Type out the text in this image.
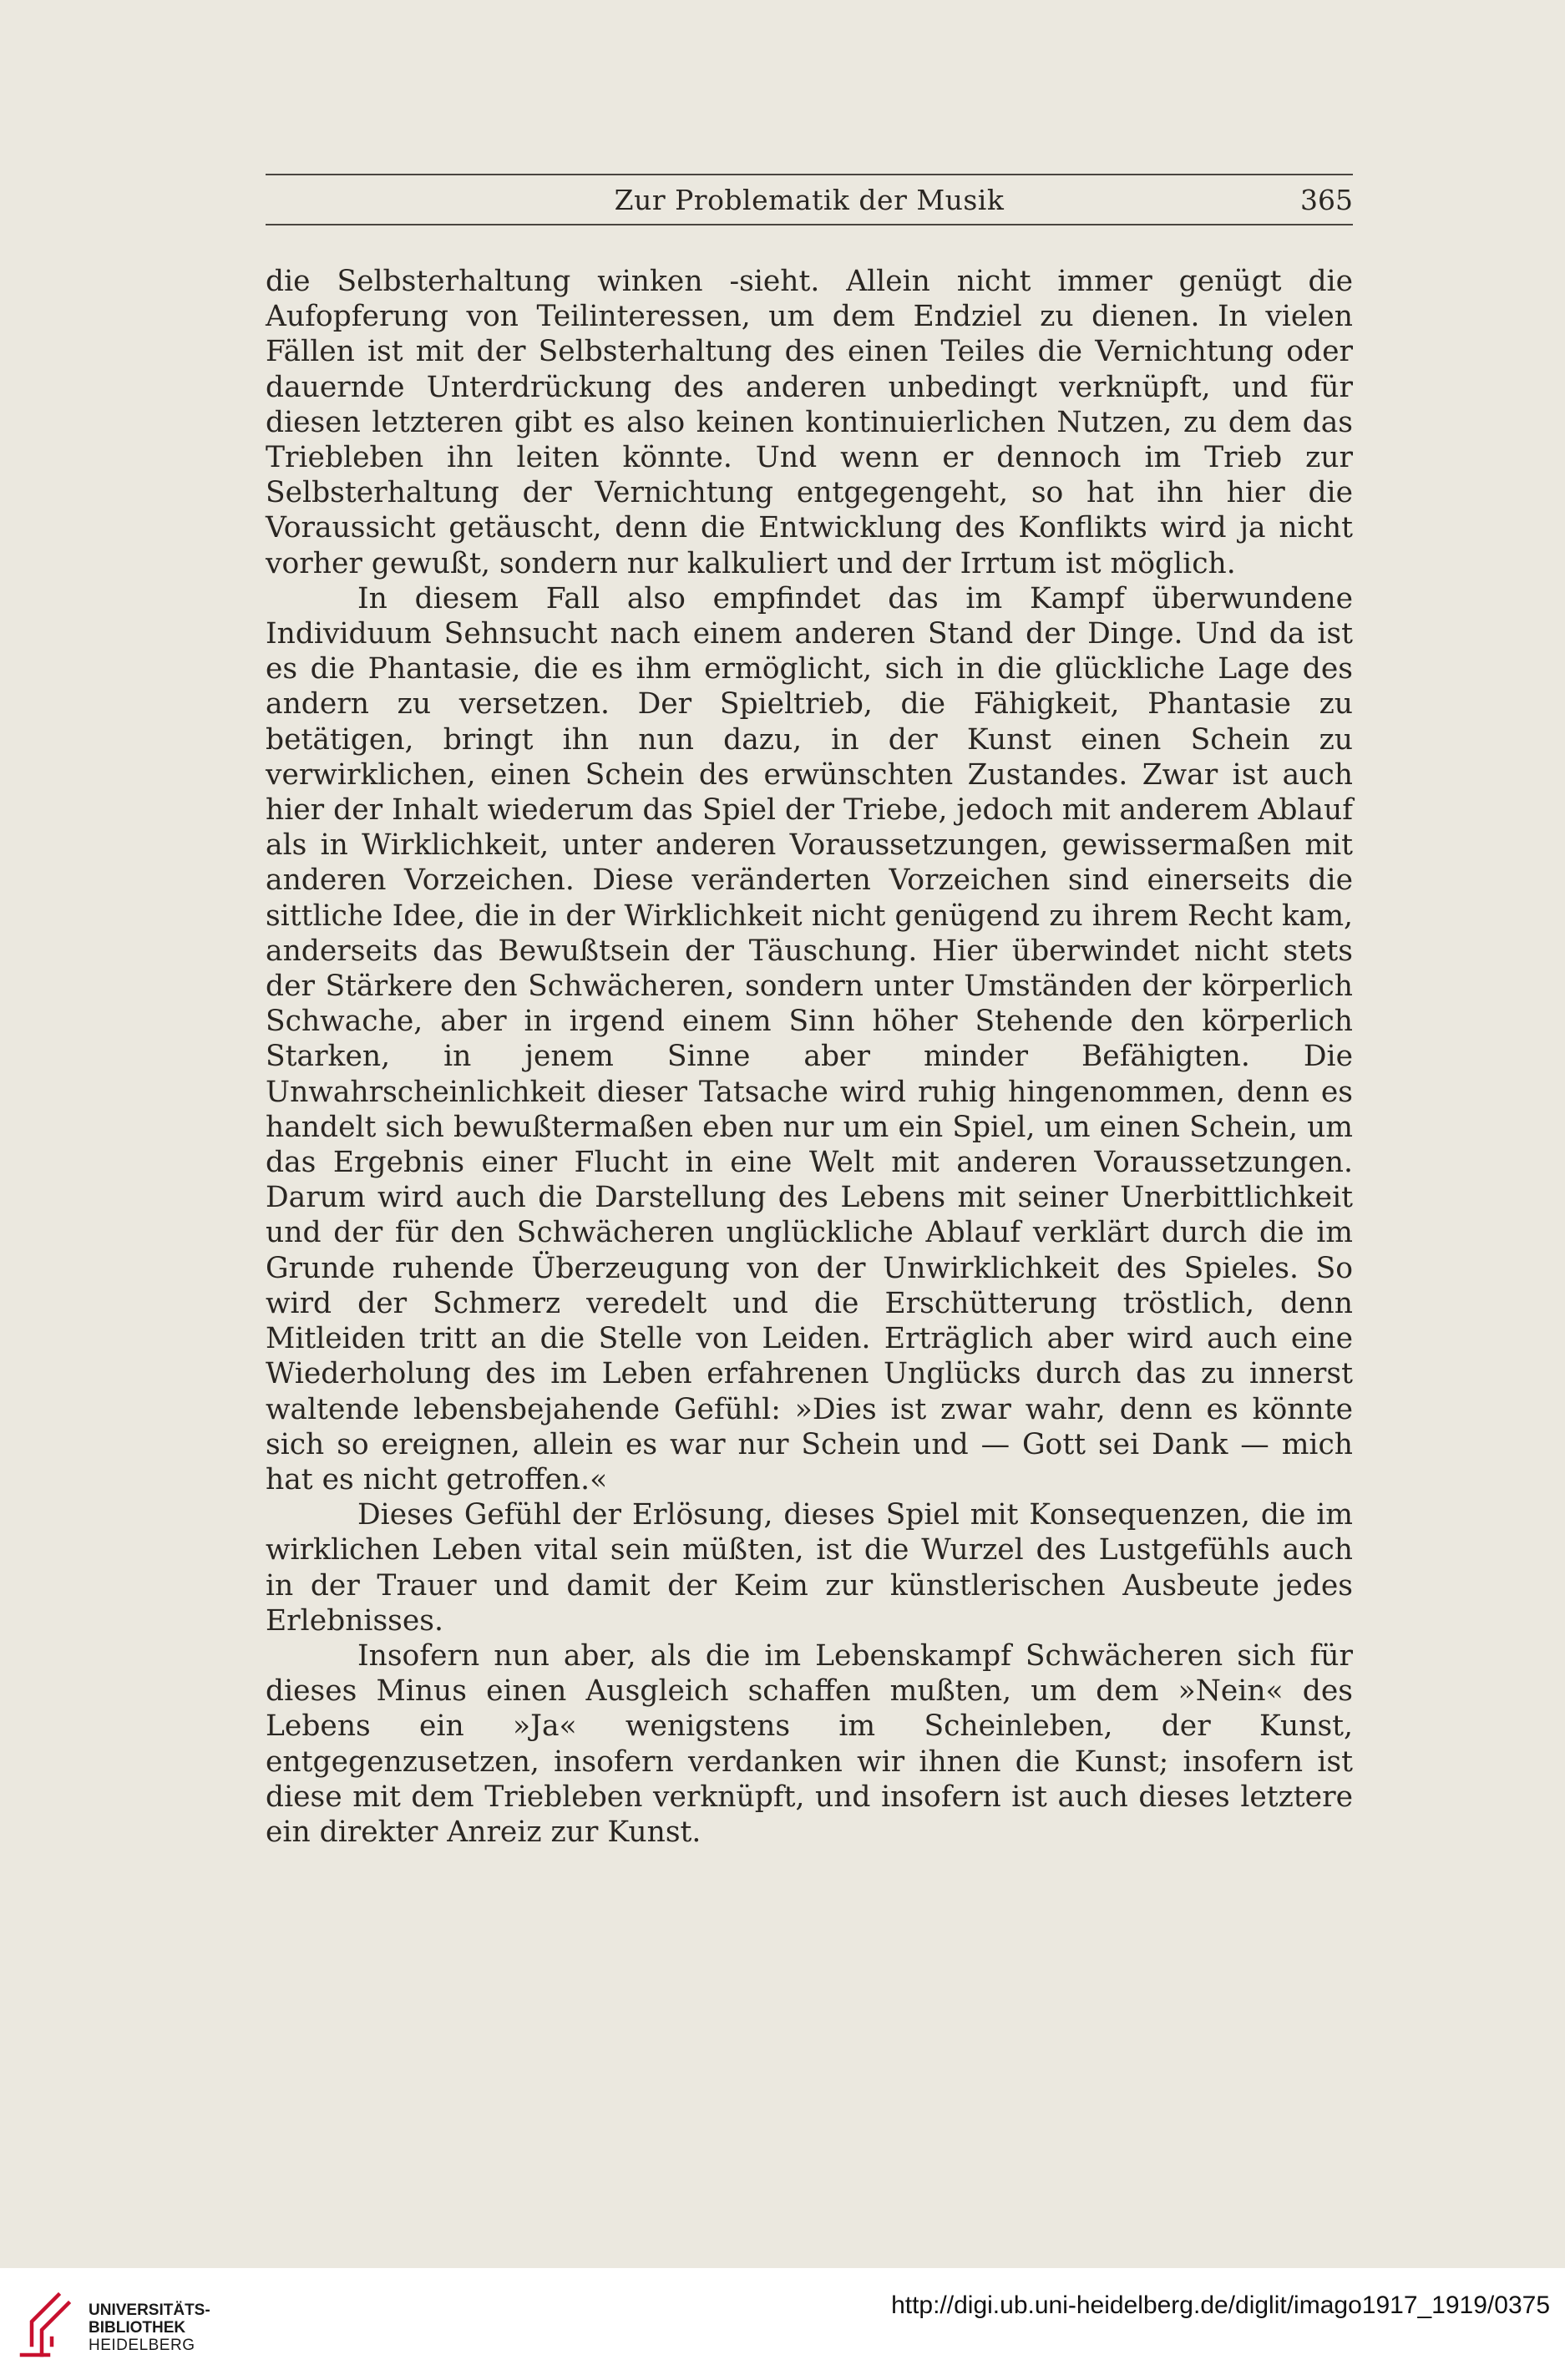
Zur Problematik der Musik	365

die Selbsterhaltung winken -sieht. Allein nicht immer genügt die Aufopferung von Teilinteressen, um dem Endziel zu dienen. In vielen Fällen ist mit der Selbsterhaltung des einen Teiles die Vernichtung oder dauernde Unterdrückung des anderen unbedingt verknüpft, und für diesen letzteren gibt es also keinen kontinuierlichen Nutzen, zu dem das Triebleben ihn leiten könnte. Und wenn er dennoch im Trieb zur Selbsterhaltung der Vernichtung entgegengeht, so hat ihn hier die Voraussicht getäuscht, denn die Entwicklung des Konflikts wird ja nicht vorher gewußt, sondern nur kalkuliert und der Irrtum ist möglich.

In diesem Fall also empfindet das im Kampf überwundene Individuum Sehnsucht nach einem anderen Stand der Dinge. Und da ist es die Phantasie, die es ihm ermöglicht, sich in die glückliche Lage des andern zu versetzen. Der Spieltrieb, die Fähigkeit, Phantasie zu betätigen, bringt ihn nun dazu, in der Kunst einen Schein zu verwirklichen, einen Schein des erwünschten Zustandes. Zwar ist auch hier der Inhalt wiederum das Spiel der Triebe, jedoch mit anderem Ablauf als in Wirklichkeit, unter anderen Voraussetzungen, gewissermaßen mit anderen Vorzeichen. Diese veränderten Vorzeichen sind einerseits die sittliche Idee, die in der Wirklichkeit nicht genügend zu ihrem Recht kam, anderseits das Bewußtsein der Täuschung. Hier überwindet nicht stets der Stärkere den Schwächeren, sondern unter Umständen der körperlich Schwache, aber in irgend einem Sinn höher Stehende den körperlich Starken, in jenem Sinne aber minder Befähigten. Die Unwahrscheinlichkeit dieser Tatsache wird ruhig hingenommen, denn es handelt sich bewußtermaßen eben nur um ein Spiel, um einen Schein, um das Ergebnis einer Flucht in eine Welt mit anderen Voraussetzungen. Darum wird auch die Darstellung des Lebens mit seiner Unerbittlichkeit und der für den Schwächeren unglückliche Ablauf verklärt durch die im Grunde ruhende Überzeugung von der Unwirklichkeit des Spieles. So wird der Schmerz veredelt und die Erschütterung tröstlich, denn Mitleiden tritt an die Stelle von Leiden. Erträglich aber wird auch eine Wiederholung des im Leben erfahrenen Unglücks durch das zu innerst waltende lebensbejahende Gefühl: »Dies ist zwar wahr, denn es könnte sich so ereignen, allein es war nur Schein und — Gott sei Dank — mich hat es nicht getroffen.«

Dieses Gefühl der Erlösung, dieses Spiel mit Konsequenzen, die im wirklichen Leben vital sein müßten, ist die Wurzel des Lustgefühls auch in der Trauer und damit der Keim zur künstlerischen Ausbeute jedes Erlebnisses.

Insofern nun aber, als die im Lebenskampf Schwächeren sich für dieses Minus einen Ausgleich schaffen mußten, um dem »Nein« des Lebens ein »Ja« wenigstens im Scheinleben, der Kunst, entgegenzusetzen, insofern verdanken wir ihnen die Kunst; insofern ist diese mit dem Triebleben verknüpft, und insofern ist auch dieses letztere ein direkter Anreiz zur Kunst.

UNIVERSITÄTS-
BIBLIOTHEK
HEIDELBERG
http://digi.ub.uni-heidelberg.de/diglit/imago1917_1919/0375
